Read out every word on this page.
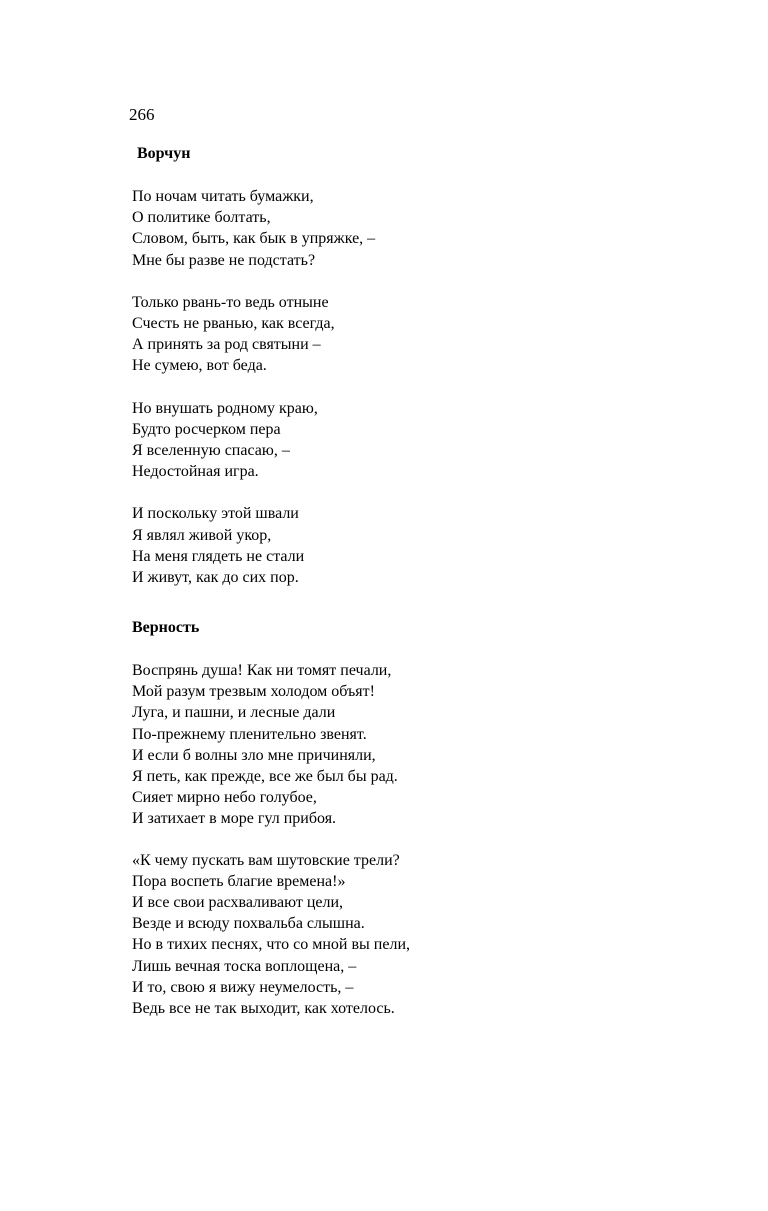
266

Ворчун
По ночам читать бумажки,
О политике болтать,
Словом, быть, как бык в упряжке, –
Мне бы разве не подстать?
Только рвань-то ведь отныне
Счесть не рванью, как всегда,
А принять за род святыни –
Не сумею, вот беда.
Но внушать родному краю,
Будто росчерком пера
Я вселенную спасаю, –
Недостойная игра.
И поскольку этой швали
Я являл живой укор,
На меня глядеть не стали
И живут, как до сих пор.
Верность
Воспрянь душа! Как ни томят печали,
Мой разум трезвым холодом объят!
Луга, и пашни, и лесные дали
По-прежнему пленительно звенят.
И если б волны зло мне причиняли,
Я петь, как прежде, все же был бы рад.
Сияет мирно небо голубое,
И затихает в море гул прибоя.
«К чему пускать вам шутовские трели?
Пора воспеть благие времена!»
И все свои расхваливают цели,
Везде и всюду похвальба слышна.
Но в тихих песнях, что со мной вы пели,
Лишь вечная тоска воплощена, –
И то, свою я вижу неумелость, –
Ведь все не так выходит, как хотелось.
